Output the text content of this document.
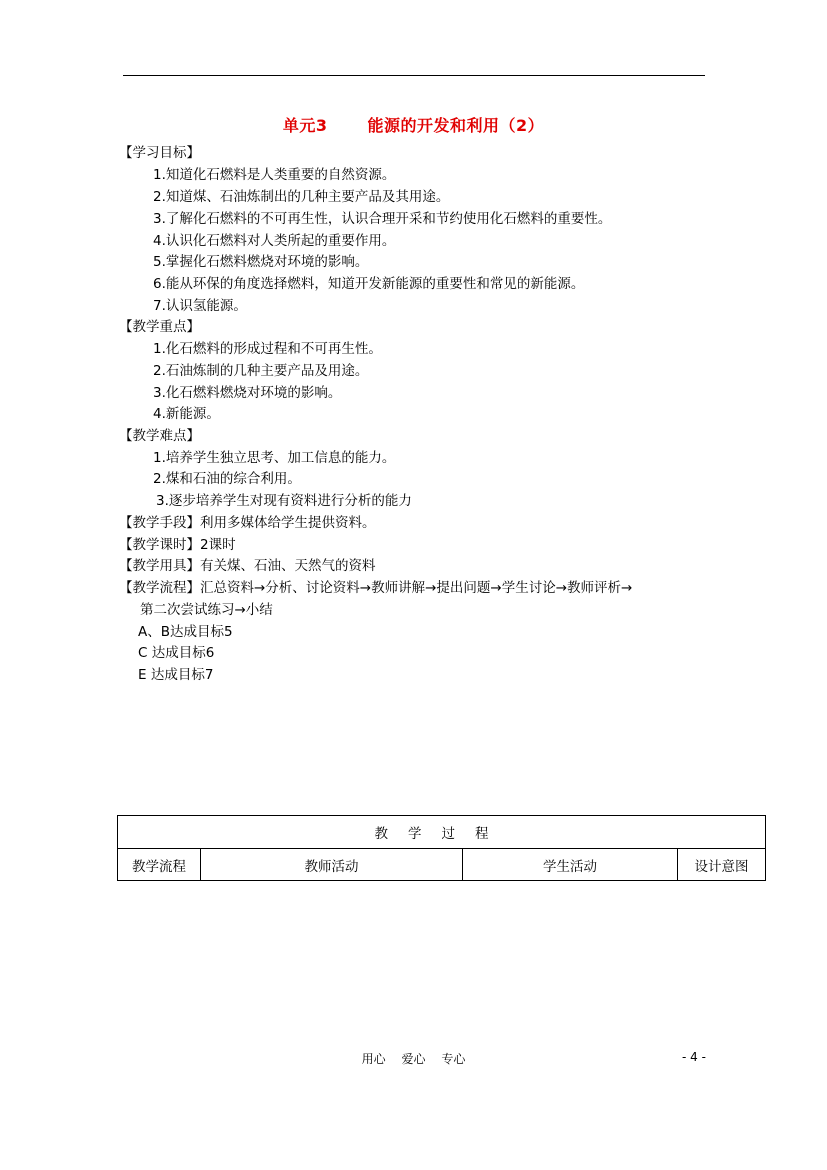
单元3	能源的开发和利用（2）
【学习目标】
1.知道化石燃料是人类重要的自然资源。
2.知道煤、石油炼制出的几种主要产品及其用途。
3.了解化石燃料的不可再生性，认识合理开采和节约使用化石燃料的重要性。
4.认识化石燃料对人类所起的重要作用。
5.掌握化石燃料燃烧对环境的影响。
6.能从环保的角度选择燃料，知道开发新能源的重要性和常见的新能源。
7.认识氢能源。
【教学重点】
1.化石燃料的形成过程和不可再生性。
2.石油炼制的几种主要产品及用途。
3.化石燃料燃烧对环境的影响。
4.新能源。
【教学难点】
1.培养学生独立思考、加工信息的能力。
2.煤和石油的综合利用。
3.逐步培养学生对现有资料进行分析的能力
【教学手段】利用多媒体给学生提供资料。
【教学课时】2课时
【教学用具】有关煤、石油、天然气的资料
【教学流程】汇总资料→分析、讨论资料→教师讲解→提出问题→学生讨论→教师评析→
第二次尝试练习→小结
A、B达成目标5
C 达成目标6
E 达成目标7
教学过程
教学流程	教师活动	学生活动	设计意图
用心 爱心 专心	- 4 -
